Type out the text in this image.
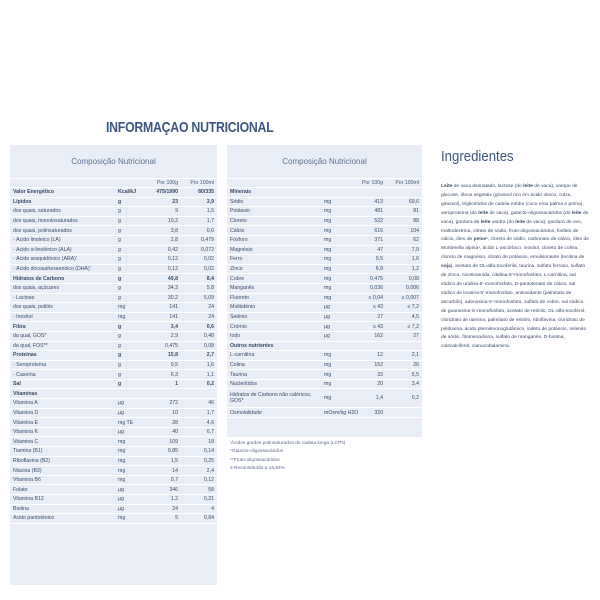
INFORMAÇAO NUTRICIONAL
Composição Nutricional
Por 100g	Por 100ml
Valor Energético	Kcal/kJ	475/1990	80/335
Lípidos	g	23	3,9
dos quais, saturados	g	9	1,5
dos quais, monoinsaturados	g	10,2	1,7
dos quais, polinsaturados	g	3,8	0,6
- Ácido linoleico (LA)	g	2,8	0,479
- Ácido α-linolénico (ALA)	g	0,42	0,072
- Ácido araquidónico (ARA)'	g	0,12	0,02
- Ácido docosahexaenóico (DHA)'	g	0,12	0,02
Hidratos de Carbono	g	49,8	8,4
dos quais, açúcares	g	34,3	5,8
- Lactose	g	30,2	5,09
dos quais, polióis	mg	141	24
- Inositol	mg	141	24
Fibra	g	3,4	0,6
da qual, GOS*	g	2,9	0,48
da qual, FOS**	g	0,475	0,08
Proteínas	g	15,8	2,7
- Seroproteína	g	9,5	1,6
- Caseína	g	6,3	1,1
Sal	g	1	0,2
Vitaminas
Vitamina A	µg	272	46
Vitamina D	µg	10	1,7
Vitamina E	mg TE	28	4,6
Vitamina K	µg	40	6,7
Vitamina C	mg	109	18
Tiamina (B1)	mg	0,85	0,14
Riboflavina (B2)	mg	1,5	0,25
Niacina (B3)	mg	14	2,4
Vitamina B6	mg	0,7	0,12
Folato	µg	346	58
Vitamina B12	µg	1,2	0,21
Biotina	µg	24	4
Ácido pantoténico	mg	5	0,84
Composição Nutricional
Por 100g	Por 100ml
Minerais
Sódio	mg	413	69,6
Potássio	mg	481	81
Cloreto	mg	522	88
Cálcio	mg	616	104
Fósforo	mg	371	62
Magnésio	mg	47	7,9
Ferro	mg	9,5	1,6
Zinco	mg	6,9	1,2
Cobre	mg	0,475	0,08
Manganês	mg	0,036	0,006
Fluoreto	mg	≤ 0,04	≤ 0,007
Molibdénio	µg	≤ 43	≤ 7,2
Selénio	µg	27	4,5
Crómio	µg	≤ 43	≤ 7,2
Iodo	µg	162	27
Outros nutrientes
L-carnitina	mg	12	2,1
Colina	mg	152	26
Taurina	mg	33	5,5
Nucleótidos	mg	20	3,4
Hidratos de Carbono não calóricos, GOS*	mg	1,4	0,2
Osmolalidade	mOsm/kg H2O	320
'Ácidos gordos polinsaturados de cadeia longa (LCPs)
*Galacto-oligossacáridos
**Fruto-oligossacáridos
3 Reconstituído a 16,84%
Ingredientes
Leite de vaca desnatado, lactose (do leite de vaca), xarope de glucose, óleos vegetais (girassol rico em ácido oleico, colza, girassol), triglicéridos de cadeia média (coco e/ou palma e prima), seroproteína (do leite de vaca), galacto-oligossacáridos (do leite de vaca), gordura de leite anidra (do leite de vaca), gordura de ovo, maltodextrina, citrato de sódio, fruto-oligossacáridos, fosfato de cálcio, óleo de peixe¹, cloreto de sódio, carbonato de cálcio, óleo de Mortierella alpina¹, ácido L-ascórbico, inositol, cloreto de colina, cloreto de magnésio, citrato de potássio, emulsionante (lecitina de soja), acetato de DL-alfa-tocoferila, taurina, sulfato ferroso, sulfato de zinco, nicotinamida, citidina-5'-monofosfato, L-carnitina, sal sódico de uridina-5'-monofosfato, D-pantotenato de cálcio, sal sódico de inosina-5'-monofosfato, antioxidante (palmitato de ascorbilo), adenosina-5'-monofosfato, sulfato de cobre, sal sódico de guanosina-5'-monofosfato, acetato de retinilo, DL-alfa-tocoferol, cloridrato de tiamina, palmitato de retinilo, riboflavina, cloridrato de piridoxina, ácido pteroilmonoglutâmico, iodeto de potássio, selenito de sódio, fitomenadiona, sulfato de manganês, D-biotina, colecalciferol, cianocobalamina.
